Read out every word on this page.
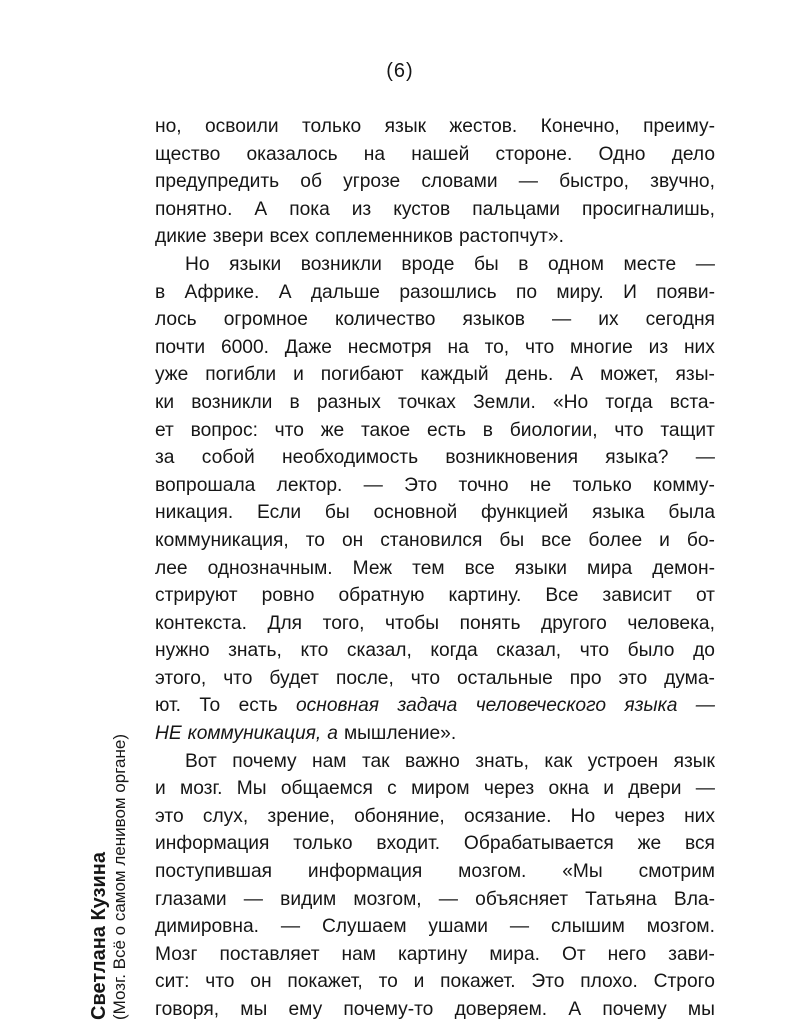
(6)
но, освоили только язык жестов. Конечно, преиму-
щество оказалось на нашей стороне. Одно дело
предупредить об угрозе словами — быстро, звучно,
понятно. А пока из кустов пальцами просигналишь,
дикие звери всех соплеменников растопчут».
Но языки возникли вроде бы в одном месте —
в Африке. А дальше разошлись по миру. И появи-
лось огромное количество языков — их сегодня
почти 6000. Даже несмотря на то, что многие из них
уже погибли и погибают каждый день. А может, язы-
ки возникли в разных точках Земли. «Но тогда вста-
ет вопрос: что же такое есть в биологии, что тащит
за собой необходимость возникновения языка? —
вопрошала лектор. — Это точно не только комму-
никация. Если бы основной функцией языка была
коммуникация, то он становился бы все более и бо-
лее однозначным. Меж тем все языки мира демон-
стрируют ровно обратную картину. Все зависит от
контекста. Для того, чтобы понять другого человека,
нужно знать, кто сказал, когда сказал, что было до
этого, что будет после, что остальные про это дума-
ют. То есть основная задача человеческого языка —
НЕ коммуникация, а мышление».
Вот почему нам так важно знать, как устроен язык
и мозг. Мы общаемся с миром через окна и двери —
это слух, зрение, обоняние, осязание. Но через них
информация только входит. Обрабатывается же вся
поступившая информация мозгом. «Мы смотрим
глазами — видим мозгом, — объясняет Татьяна Вла-
димировна. — Слушаем ушами — слышим мозгом.
Мозг поставляет нам картину мира. От него зави-
сит: что он покажет, то и покажет. Это плохо. Строго
говоря, мы ему почему-то доверяем. А почему мы
Светлана Кузина (Мозг. Всё о самом ленивом органе)
